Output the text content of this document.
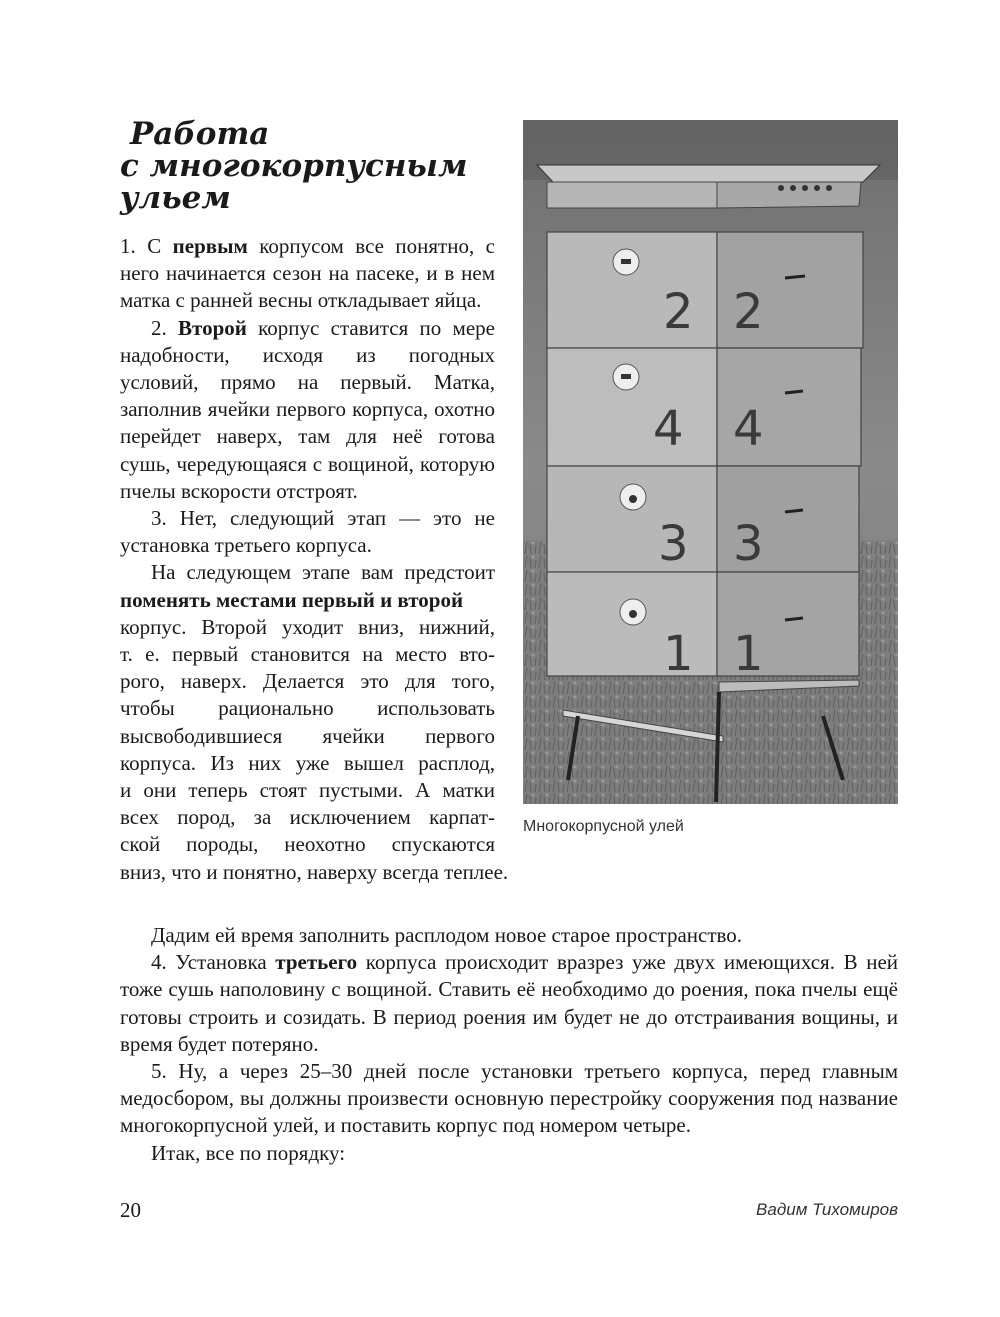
Работа
с многокорпусным
ульем

1. С первым корпусом все понятно, с него начинается сезон на пасеке, и в нем матка с ранней весны откладывает яйца.

2. Второй корпус ставится по мере надобности, исходя из погодных условий, прямо на первый. Матка, заполнив ячейки первого корпуса, охотно перейдет наверх, там для неё готова сушь, чередующаяся с вощиной, которую пчелы вскорости отстроят.

3. Нет, следующий этап — это не установка третьего корпуса.

На следующем этапе вам предстоит поменять местами первый и второй

корпус. Второй уходит вниз, нижний,
т. е. первый становится на место вто-
рого, наверх. Делается это для того,
чтобы рационально использовать
высвободившиеся ячейки первого
корпуса. Из них уже вышел расплод,
и они теперь стоят пустыми. А матки
всех пород, за исключением карпат-
ской породы, неохотно спускаются
вниз, что и понятно, наверху всегда теплее.

Дадим ей время заполнить расплодом новое старое пространство.

4. Установка третьего корпуса происходит вразрез уже двух имеющихся. В ней тоже сушь наполовину с вощиной. Ставить её необходимо до роения, пока пчелы ещё готовы строить и созидать. В период роения им будет не до отстраивания вощины, и время будет потеряно.

5. Ну, а через 25–30 дней после установки третьего корпуса, перед главным медосбором, вы должны произвести основную перестройку сооружения под название многокорпусной улей, и поставить корпус под номером четыре.

Итак, все по порядку:

2 2
4 4
3 3
1 1
Многокорпусной улей
20	Вадим Тихомиров
